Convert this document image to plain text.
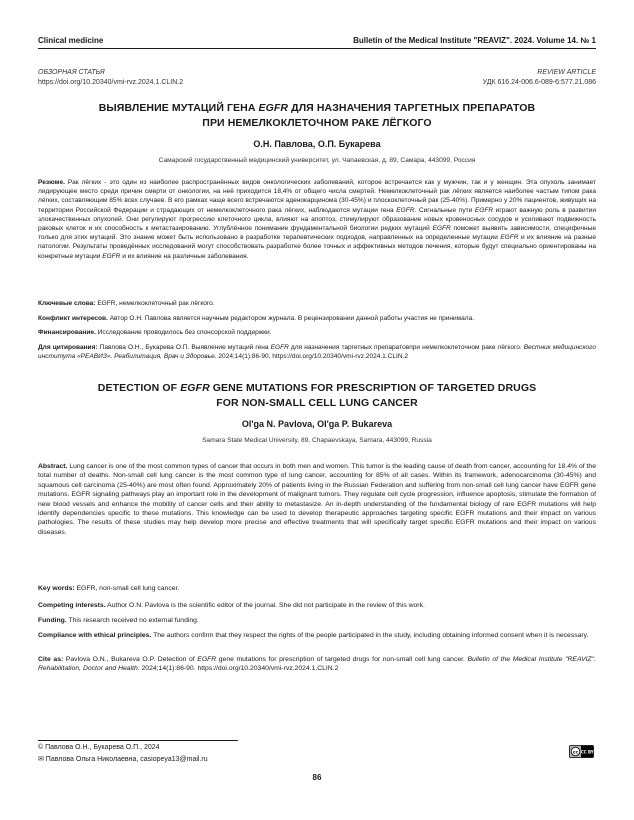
Clinical medicine	Bulletin of the Medical Institute "REAVIZ". 2024. Volume 14. № 1
ОБЗОРНАЯ СТАТЬЯ	REVIEW ARTICLE
https://doi.org/10.20340/vmi-rvz.2024.1.CLIN.2	УДК 616.24-006.6-089-6:577.21.086
ВЫЯВЛЕНИЕ МУТАЦИЙ ГЕНА EGFR ДЛЯ НАЗНАЧЕНИЯ ТАРГЕТНЫХ ПРЕПАРАТОВ
ПРИ НЕМЕЛКОКЛЕТОЧНОМ РАКЕ ЛЁГКОГО
О.Н. Павлова, О.П. Букарева
Самарский государственный медицинский университет, ул. Чапаевская, д. 89, Самара, 443099, Россия

Резюме. Рак лёгких - это один из наиболее распространённых видов онкологических заболеваний, которое встречается как у мужчин, так и у женщин. Эта опухоль занимает лидирующее место среди причин смерти от онкологии, на неё приходится 18,4% от общего числа смертей. Немелкоклеточный рак лёгких является наиболее частым типом рака лёгких, составляющим 85% всех случаев. В его рамках чаще всего встречаются аденокарцинома (30-45%) и плоскоклеточный рак (25-40%). Примерно у 20% пациентов, живущих на территории Российской Федерации и страдающих от немелкоклеточного рака лёгких, наблюдаются мутации гена EGFR. Сигнальные пути EGFR играют важную роль в развитии злокачественных опухолей. Они регулируют прогрессию клеточного цикла, влияют на апоптоз, стимулируют образование новых кровеносных сосудов и усиливают подвижность раковых клеток и их способность к метастазированию. Углублённое понимание фундаментальной биологии редких мутаций EGFR поможет выявить зависимости, специфичные только для этих мутаций. Это знание может быть использовано в разработке терапевтических подходов, направленных на определенные мутации EGFR и их влияние на разные патологии. Результаты проведённых исследований могут способствовать разработке более точных и эффективных методов лечения, которые будут специально ориентированы на конкретные мутации EGFR и их влияние на различные заболевания.

Ключевые слова: EGFR, немелкоклеточный рак лёгкого.
Конфликт интересов. Автор О.Н. Павлова является научным редактором журнала. В рецензировании данной работы участия не принимала.
Финансирование. Исследование проводилось без спонсорской поддержки.
Для цитирования: Павлова О.Н., Букарева О.П. Выявление мутаций гена EGFR для назначения таргетных препаратовпри немелкоклеточном раке лёгкого. Вестник медицинского института «РЕАВИЗ». Реабилитация, Врач и Здоровье. 2024;14(1):86-90. https://doi.org/10.20340/vmi-rvz.2024.1.CLIN.2
DETECTION OF EGFR GENE MUTATIONS FOR PRESCRIPTION OF TARGETED DRUGS
FOR NON-SMALL CELL LUNG CANCER
Ol'ga N. Pavlova, Ol'ga P. Bukareva
Samara State Medical University, 89, Chapaevskaya, Samara, 443099, Russia

Abstract. Lung cancer is one of the most common types of cancer that occurs in both men and women. This tumor is the leading cause of death from cancer, accounting for 18.4% of the total number of deaths. Non-small cell lung cancer is the most common type of lung cancer, accounting for 85% of all cases. Within its framework, adenocarcinoma (30-45%) and squamous cell carcinoma (25-40%) are most often found. Approximately 20% of patients living in the Russian Federation and suffering from non-small cell lung cancer have EGFR gene mutations. EGFR signaling pathways play an important role in the development of malignant tumors. They regulate cell cycle progression, influence apoptosis, stimulate the formation of new blood vessels and enhance the mobility of cancer cells and their ability to metastasize. An in-depth understanding of the fundamental biology of rare EGFR mutations will help identify dependencies specific to these mutations. This knowledge can be used to develop therapeutic approaches targeting specific EGFR mutations and their impact on various pathologies. The results of these studies may help develop more precise and effective treatments that will specifically target specific EGFR mutations and their impact on various diseases.

Key words: EGFR, non-small cell lung cancer.
Competing interests. Author O.N. Pavlova is the scientific editor of the journal. She did not participate in the review of this work.
Funding. This research received no external funding.
Compliance with ethical principles. The authors confirm that they respect the rights of the people participated in the study, including obtaining informed consent when it is necessary.
Cite as: Pavlova O.N., Bukareva O.P. Detection of EGFR gene mutations for prescription of targeted drugs for non-small cell lung cancer. Bulletin of the Medical Institute "REAVIZ". Rehabilitation, Doctor and Health. 2024;14(1):86-90. https://doi.org/10.20340/vmi-rvz.2024.1.CLIN.2
© Павлова О.Н., Букарева О.П., 2024
✉ Павлова Ольга Николаевна, casiopeya13@mail.ru
cc CC BY
86
